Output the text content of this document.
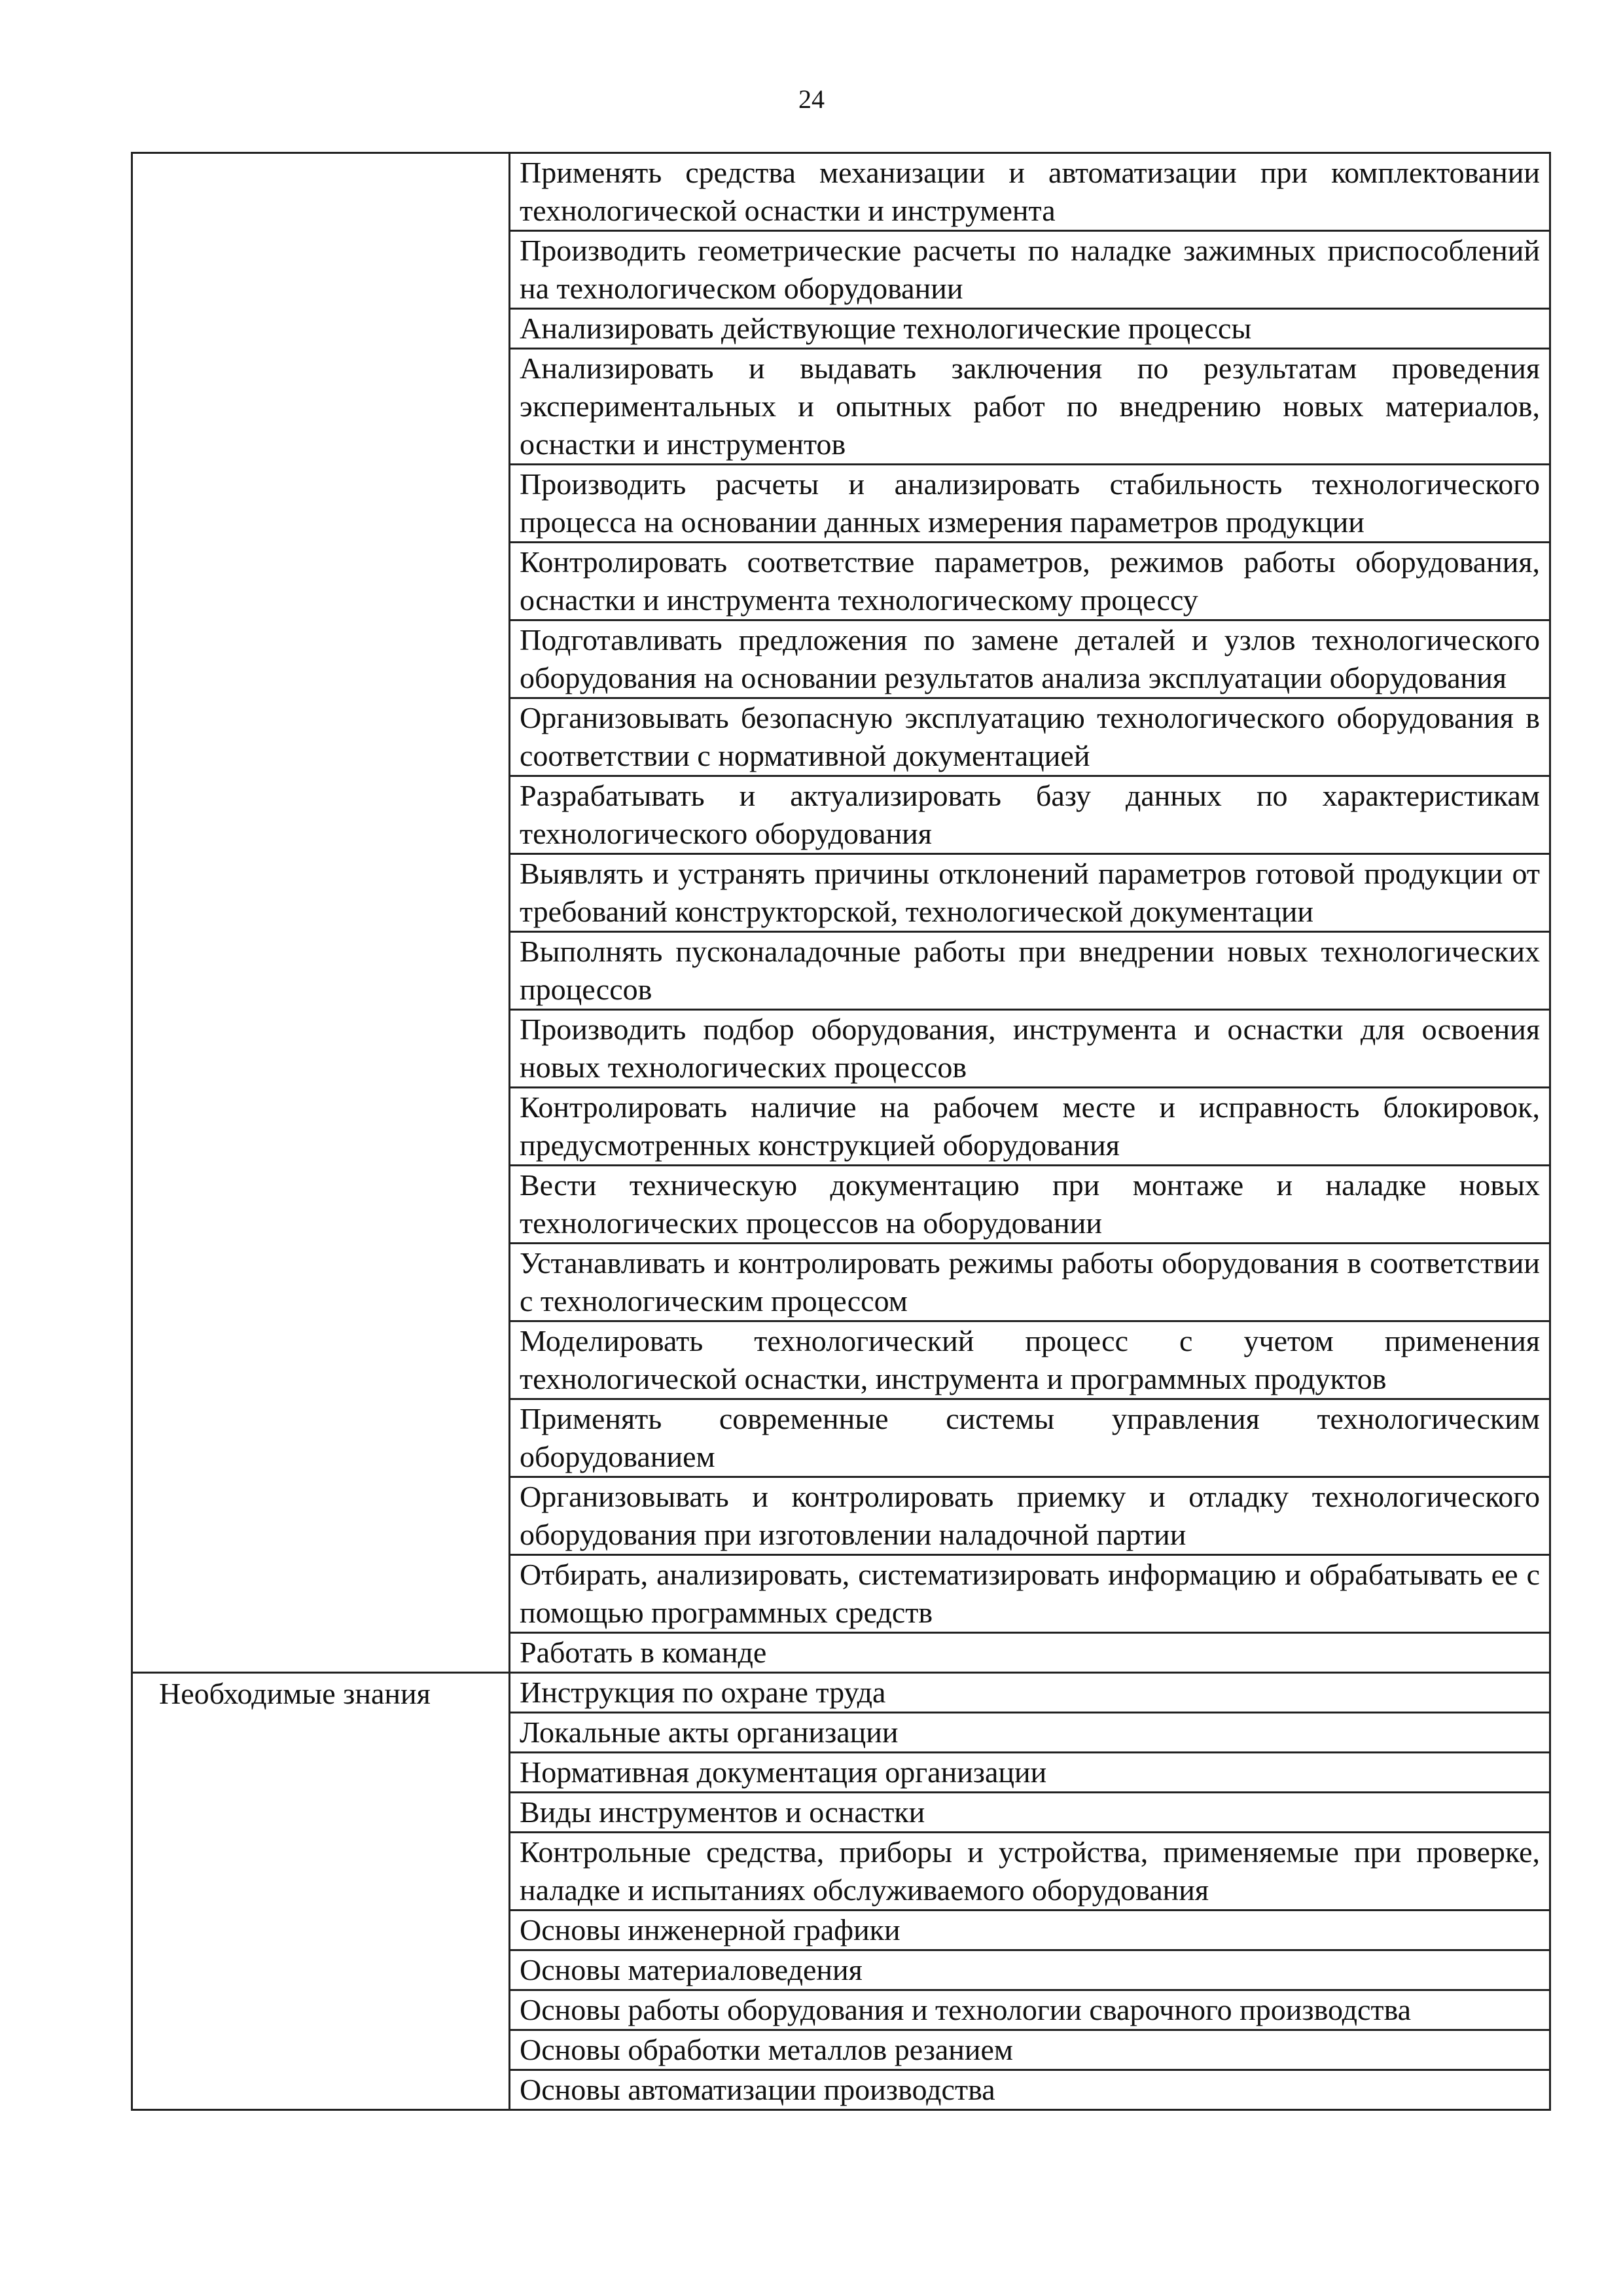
24
	Применять средства механизации и автоматизации при комплектовании технологической оснастки и инструмента
	Производить геометрические расчеты по наладке зажимных приспособлений на технологическом оборудовании
	Анализировать действующие технологические процессы
	Анализировать и выдавать заключения по результатам проведения экспериментальных и опытных работ по внедрению новых материалов, оснастки и инструментов
	Производить расчеты и анализировать стабильность технологического процесса на основании данных измерения параметров продукции
	Контролировать соответствие параметров, режимов работы оборудования, оснастки и инструмента технологическому процессу
	Подготавливать предложения по замене деталей и узлов технологического оборудования на основании результатов анализа эксплуатации оборудования
	Организовывать безопасную эксплуатацию технологического оборудования в соответствии с нормативной документацией
	Разрабатывать и актуализировать базу данных по характеристикам технологического оборудования
	Выявлять и устранять причины отклонений параметров готовой продукции от требований конструкторской, технологической документации
	Выполнять пусконаладочные работы при внедрении новых технологических процессов
	Производить подбор оборудования, инструмента и оснастки для освоения новых технологических процессов
	Контролировать наличие на рабочем месте и исправность блокировок, предусмотренных конструкцией оборудования
	Вести техническую документацию при монтаже и наладке новых технологических процессов на оборудовании
	Устанавливать и контролировать режимы работы оборудования в соответствии с технологическим процессом
	Моделировать технологический процесс с учетом применения технологической оснастки, инструмента и программных продуктов
	Применять современные системы управления технологическим оборудованием
	Организовывать и контролировать приемку и отладку технологического оборудования при изготовлении наладочной партии
	Отбирать, анализировать, систематизировать информацию и обрабатывать ее с помощью программных средств
	Работать в команде
Необходимые знания	Инструкция по охране труда
	Локальные акты организации
	Нормативная документация организации
	Виды инструментов и оснастки
	Контрольные средства, приборы и устройства, применяемые при проверке, наладке и испытаниях обслуживаемого оборудования
	Основы инженерной графики
	Основы материаловедения
	Основы работы оборудования и технологии сварочного производства
	Основы обработки металлов резанием
	Основы автоматизации производства
